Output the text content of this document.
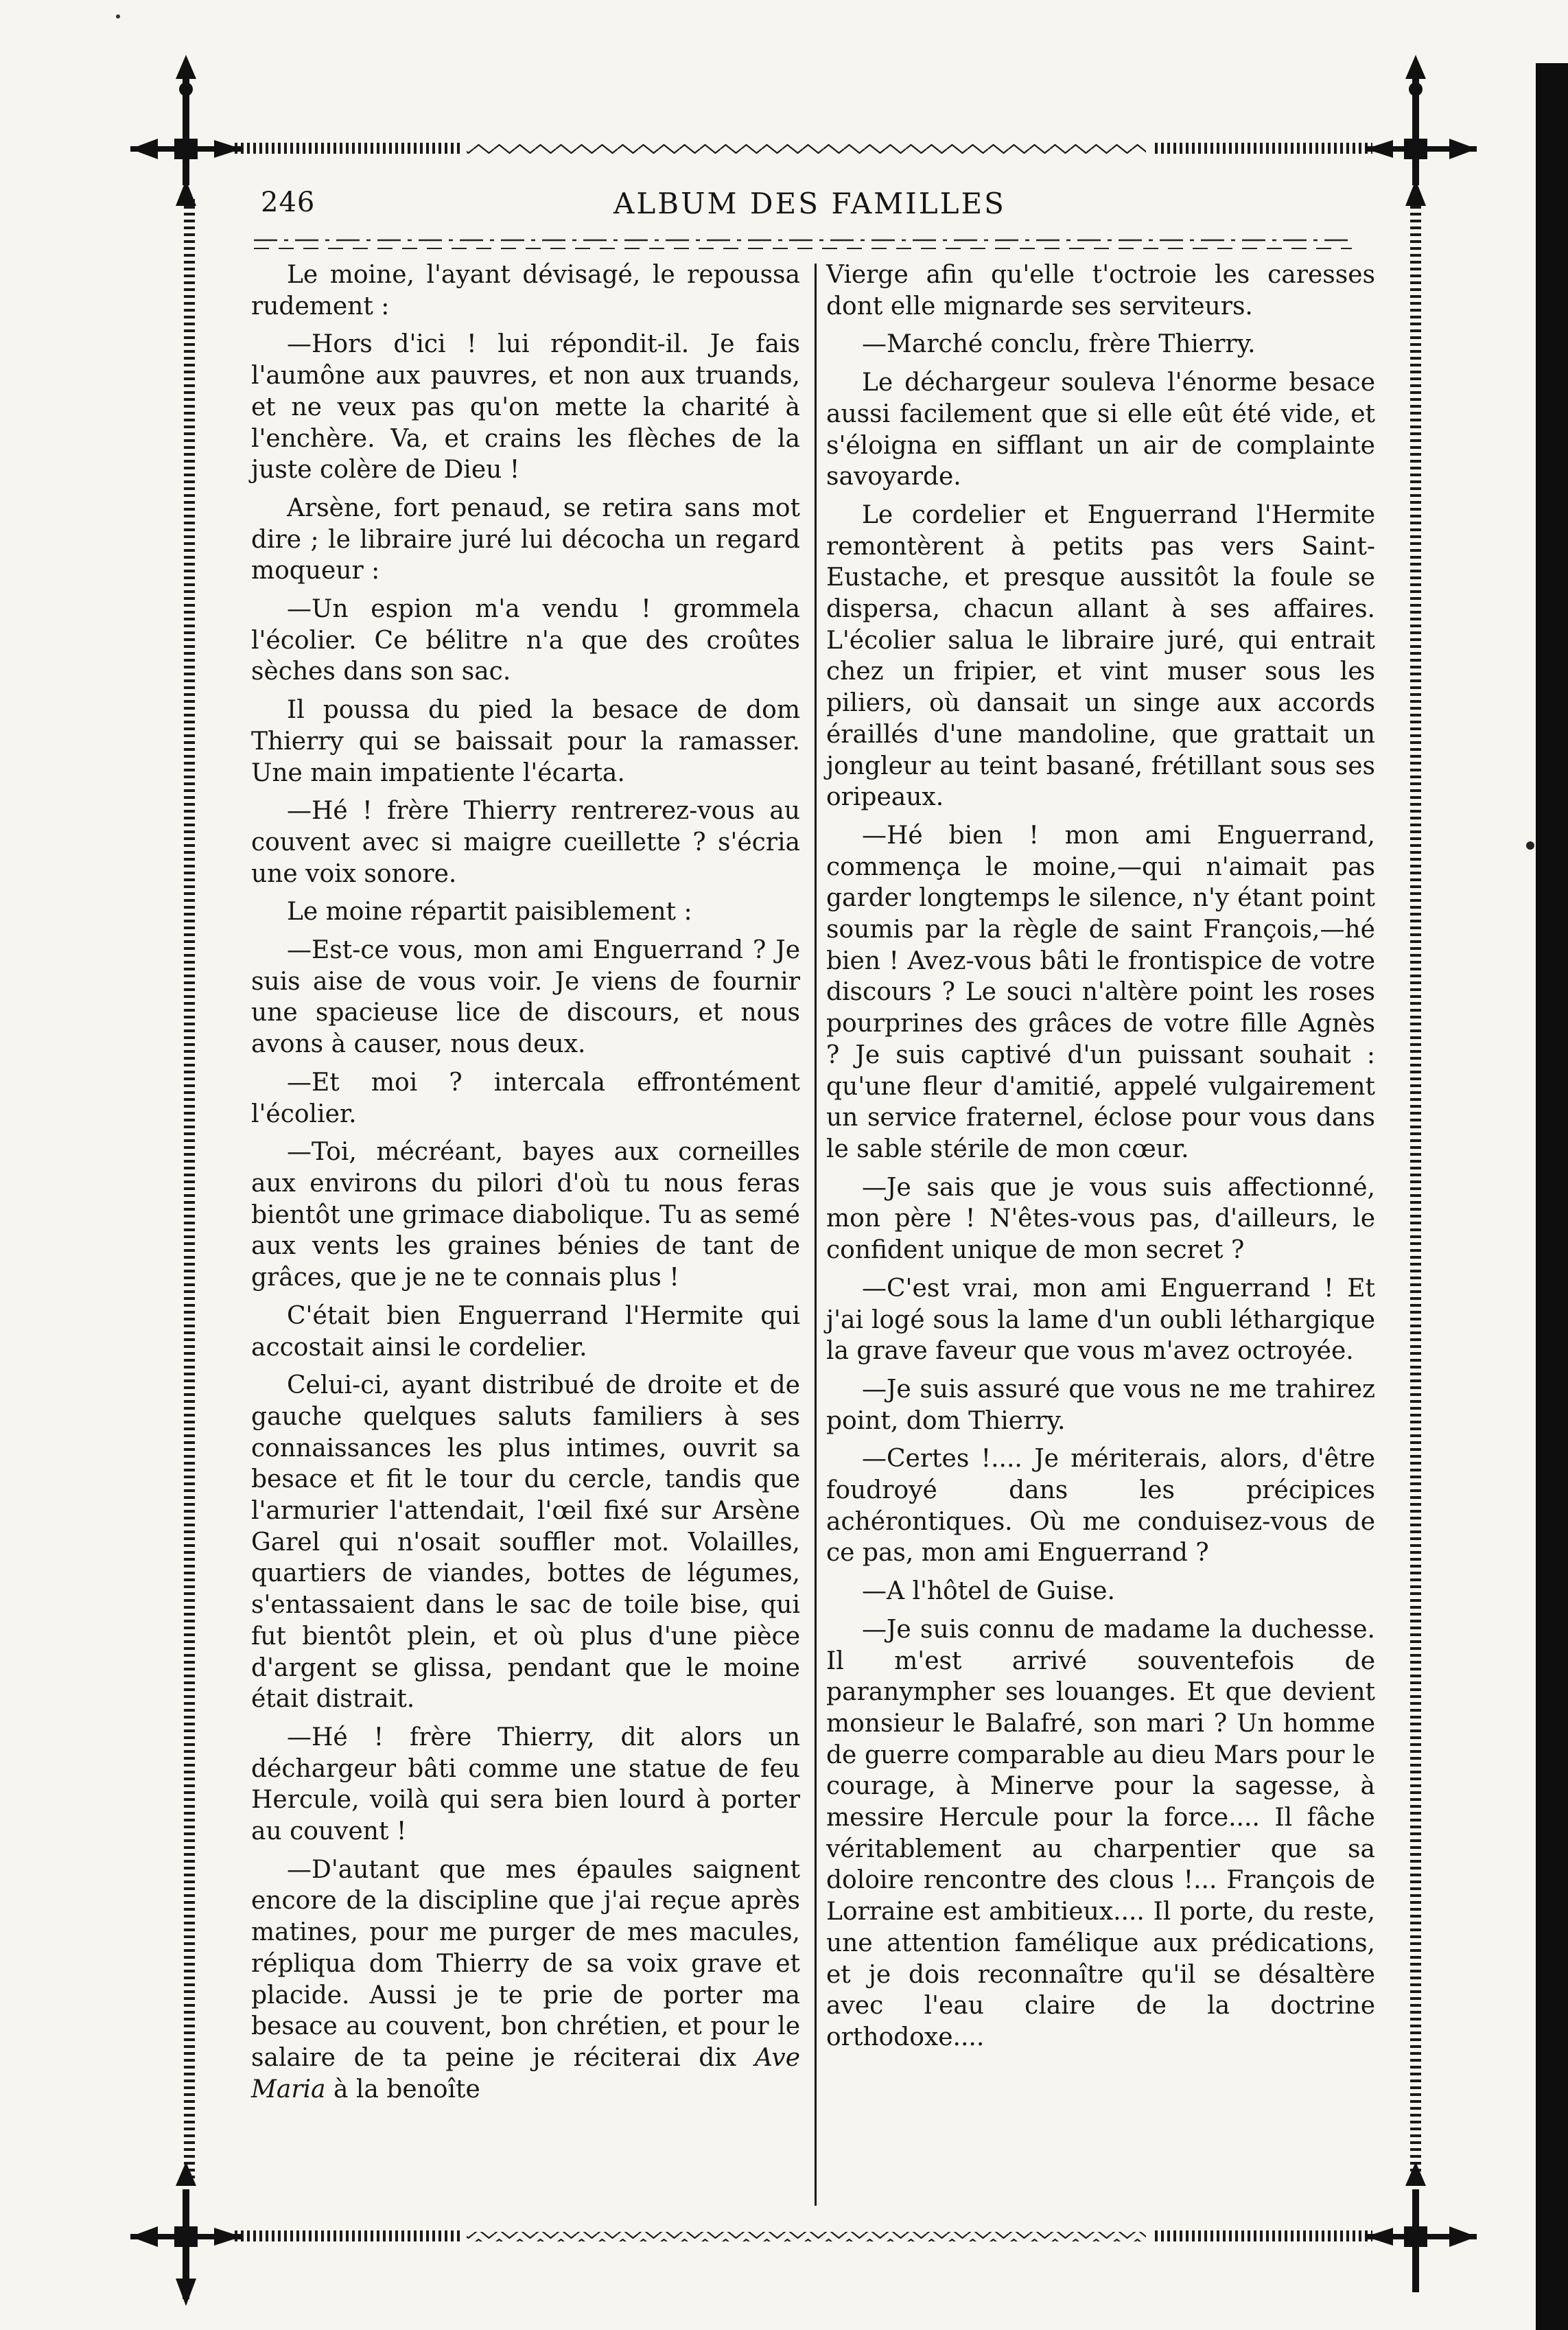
246	ALBUM DES FAMILLES

Le moine, l'ayant dévisagé, le repoussa rudement :

—Hors d'ici ! lui répondit-il. Je fais l'aumône aux pauvres, et non aux truands, et ne veux pas qu'on mette la charité à l'enchère. Va, et crains les flèches de la juste colère de Dieu !

Arsène, fort penaud, se retira sans mot dire ; le libraire juré lui décocha un regard moqueur :

—Un espion m'a vendu ! grommela l'écolier. Ce bélitre n'a que des croûtes sèches dans son sac.

Il poussa du pied la besace de dom Thierry qui se baissait pour la ramasser. Une main impatiente l'écarta.

—Hé ! frère Thierry rentrerez-vous au couvent avec si maigre cueillette ? s'écria une voix sonore.

Le moine répartit paisiblement :

—Est-ce vous, mon ami Enguerrand ? Je suis aise de vous voir. Je viens de fournir une spacieuse lice de discours, et nous avons à causer, nous deux.

—Et moi ? intercala effrontément l'écolier.

—Toi, mécréant, bayes aux corneilles aux environs du pilori d'où tu nous feras bientôt une grimace diabolique. Tu as semé aux vents les graines bénies de tant de grâces, que je ne te connais plus !

C'était bien Enguerrand l'Hermite qui accostait ainsi le cordelier.

Celui-ci, ayant distribué de droite et de gauche quelques saluts familiers à ses connaissances les plus intimes, ouvrit sa besace et fit le tour du cercle, tandis que l'armurier l'attendait, l'œil fixé sur Arsène Garel qui n'osait souffler mot. Volailles, quartiers de viandes, bottes de légumes, s'entassaient dans le sac de toile bise, qui fut bientôt plein, et où plus d'une pièce d'argent se glissa, pendant que le moine était distrait.

—Hé ! frère Thierry, dit alors un déchargeur bâti comme une statue de feu Hercule, voilà qui sera bien lourd à porter au couvent !

—D'autant que mes épaules saignent encore de la discipline que j'ai reçue après matines, pour me purger de mes macules, répliqua dom Thierry de sa voix grave et placide. Aussi je te prie de porter ma besace au couvent, bon chrétien, et pour le salaire de ta peine je réciterai dix Ave Maria à la benoîte

Vierge afin qu'elle t'octroie les caresses dont elle mignarde ses serviteurs.

—Marché conclu, frère Thierry.

Le déchargeur souleva l'énorme besace aussi facilement que si elle eût été vide, et s'éloigna en sifflant un air de complainte savoyarde.

Le cordelier et Enguerrand l'Hermite remontèrent à petits pas vers Saint-Eustache, et presque aussitôt la foule se dispersa, chacun allant à ses affaires. L'écolier salua le libraire juré, qui entrait chez un fripier, et vint muser sous les piliers, où dansait un singe aux accords éraillés d'une mandoline, que grattait un jongleur au teint basané, frétillant sous ses oripeaux.

—Hé bien ! mon ami Enguerrand, commença le moine,—qui n'aimait pas garder longtemps le silence, n'y étant point soumis par la règle de saint François,—hé bien ! Avez-vous bâti le frontispice de votre discours ? Le souci n'altère point les roses pourprines des grâces de votre fille Agnès ? Je suis captivé d'un puissant souhait : qu'une fleur d'amitié, appelé vulgairement un service fraternel, éclose pour vous dans le sable stérile de mon cœur.

—Je sais que je vous suis affectionné, mon père ! N'êtes-vous pas, d'ailleurs, le confident unique de mon secret ?

—C'est vrai, mon ami Enguerrand ! Et j'ai logé sous la lame d'un oubli léthargique la grave faveur que vous m'avez octroyée.

—Je suis assuré que vous ne me trahirez point, dom Thierry.

—Certes !.... Je mériterais, alors, d'être foudroyé dans les précipices achérontiques. Où me conduisez-vous de ce pas, mon ami Enguerrand ?

—A l'hôtel de Guise.

—Je suis connu de madame la duchesse. Il m'est arrivé souventefois de paranympher ses louanges. Et que devient monsieur le Balafré, son mari ? Un homme de guerre comparable au dieu Mars pour le courage, à Minerve pour la sagesse, à messire Hercule pour la force.... Il fâche véritablement au charpentier que sa doloire rencontre des clous !... François de Lorraine est ambitieux.... Il porte, du reste, une attention famélique aux prédications, et je dois reconnaître qu'il se désaltère avec l'eau claire de la doctrine orthodoxe....
